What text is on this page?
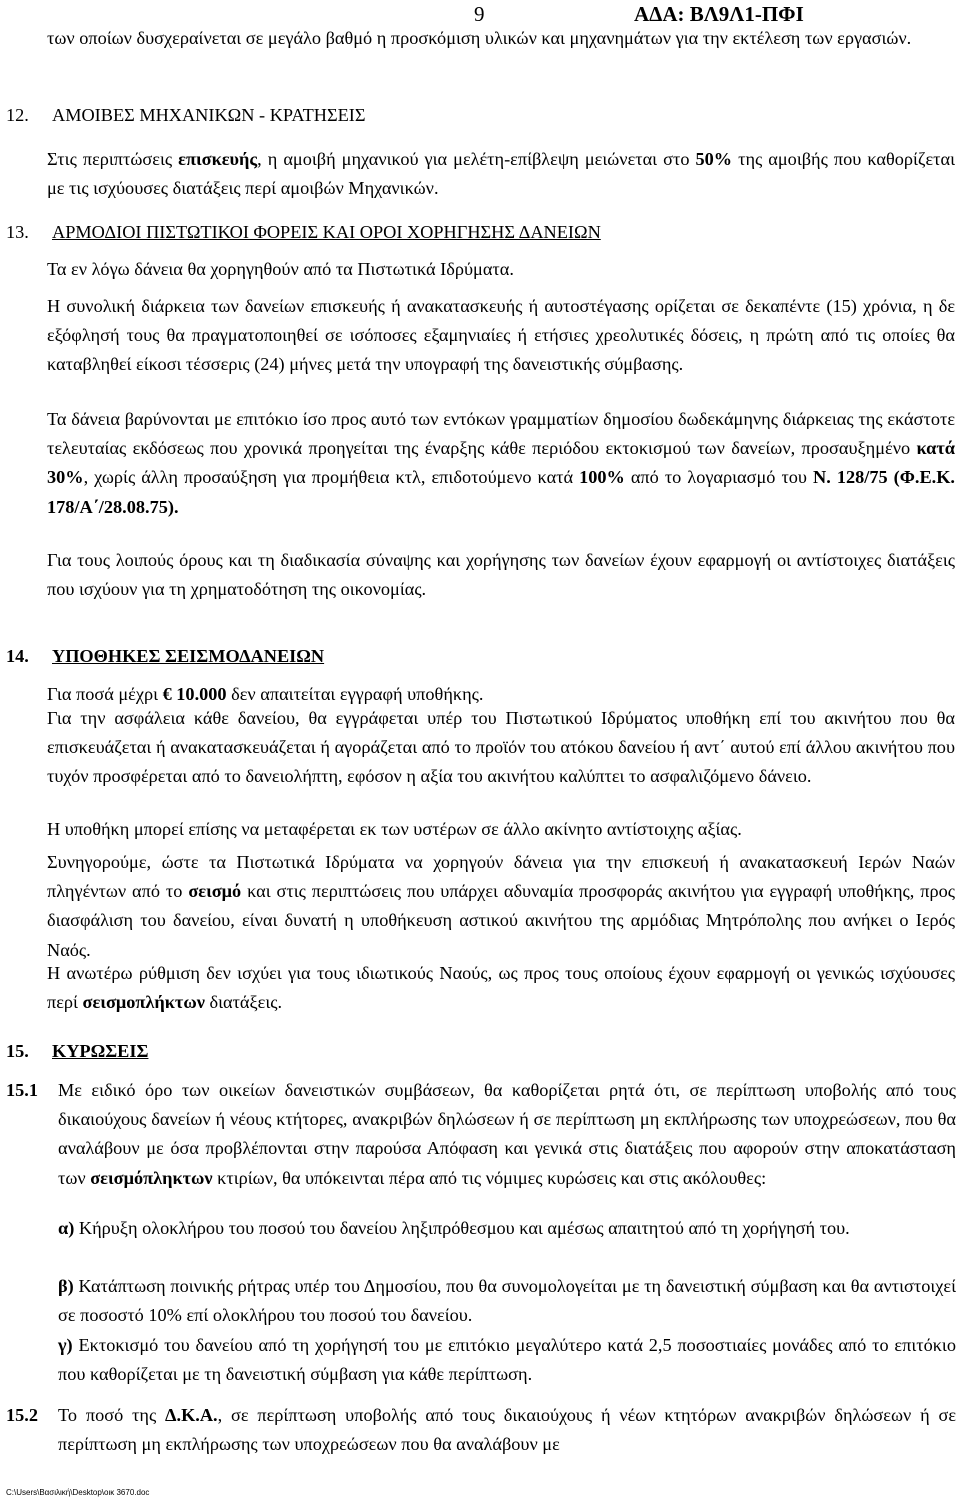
9	ΑΔΑ: ΒΛ9Λ1-ΠΦΙ

των οποίων δυσχεραίνεται σε μεγάλο βαθμό η προσκόμιση υλικών και μηχανημάτων για την εκτέλεση των εργασιών.

12. ΑΜΟΙΒΕΣ ΜΗΧΑΝΙΚΩΝ - ΚΡΑΤΗΣΕΙΣ

Στις περιπτώσεις επισκευής, η αμοιβή μηχανικού για μελέτη-επίβλεψη μειώνεται στο 50% της αμοιβής που καθορίζεται με τις ισχύουσες διατάξεις περί αμοιβών Μηχανικών.

13. ΑΡΜΟΔΙΟΙ ΠΙΣΤΩΤΙΚΟΙ ΦΟΡΕΙΣ ΚΑΙ ΟΡΟΙ ΧΟΡΗΓΗΣΗΣ ΔΑΝΕΙΩΝ

Τα εν λόγω δάνεια θα χορηγηθούν από τα Πιστωτικά Ιδρύματα.

Η συνολική διάρκεια των δανείων επισκευής ή ανακατασκευής ή αυτοστέγασης ορίζεται σε δεκαπέντε (15) χρόνια, η δε εξόφλησή τους θα πραγματοποιηθεί σε ισόποσες εξαμηνιαίες ή ετήσιες χρεολυτικές δόσεις, η πρώτη από τις οποίες θα καταβληθεί είκοσι τέσσερις (24) μήνες μετά την υπογραφή της δανειστικής σύμβασης.

Τα δάνεια βαρύνονται με επιτόκιο ίσο προς αυτό των εντόκων γραμματίων δημοσίου δωδεκάμηνης διάρκειας της εκάστοτε τελευταίας εκδόσεως που χρονικά προηγείται της έναρξης κάθε περιόδου εκτοκισμού των δανείων, προσαυξημένο κατά 30%, χωρίς άλλη προσαύξηση για προμήθεια κτλ, επιδοτούμενο κατά 100% από το λογαριασμό του Ν. 128/75 (Φ.Ε.Κ. 178/Α΄/28.08.75).

Για τους λοιπούς όρους και τη διαδικασία σύναψης και χορήγησης των δανείων έχουν εφαρμογή οι αντίστοιχες διατάξεις που ισχύουν για τη χρηματοδότηση της οικονομίας.

14. ΥΠΟΘΗΚΕΣ ΣΕΙΣΜΟΔΑΝΕΙΩΝ

Για ποσά μέχρι € 10.000 δεν απαιτείται εγγραφή υποθήκης.

Για την ασφάλεια κάθε δανείου, θα εγγράφεται υπέρ του Πιστωτικού Ιδρύματος υποθήκη επί του ακινήτου που θα επισκευάζεται ή ανακατασκευάζεται ή αγοράζεται από το προϊόν του ατόκου δανείου ή αντ΄ αυτού επί άλλου ακινήτου που τυχόν προσφέρεται από το δανειολήπτη, εφόσον η αξία του ακινήτου καλύπτει το ασφαλιζόμενο δάνειο.

Η υποθήκη μπορεί επίσης να μεταφέρεται εκ των υστέρων σε άλλο ακίνητο αντίστοιχης αξίας.

Συνηγορούμε, ώστε τα Πιστωτικά Ιδρύματα να χορηγούν δάνεια για την επισκευή ή ανακατασκευή Ιερών Ναών πληγέντων από το σεισμό και στις περιπτώσεις που υπάρχει αδυναμία προσφοράς ακινήτου για εγγραφή υποθήκης, προς διασφάλιση του δανείου, είναι δυνατή η υποθήκευση αστικού ακινήτου της αρμόδιας Μητρόπολης που ανήκει ο Ιερός Ναός.

Η ανωτέρω ρύθμιση δεν ισχύει για τους ιδιωτικούς Ναούς, ως προς τους οποίους έχουν εφαρμογή οι γενικώς ισχύουσες περί σεισμοπλήκτων διατάξεις.

15. ΚΥΡΩΣΕΙΣ
15.1 Με ειδικό όρο των οικείων δανειστικών συμβάσεων, θα καθορίζεται ρητά ότι, σε περίπτωση υποβολής από τους δικαιούχους δανείων ή νέους κτήτορες, ανακριβών δηλώσεων ή σε περίπτωση μη εκπλήρωσης των υποχρεώσεων, που θα αναλάβουν με όσα προβλέπονται στην παρούσα Απόφαση και γενικά στις διατάξεις που αφορούν στην αποκατάσταση των σεισμόπληκτων κτιρίων, θα υπόκεινται πέρα από τις νόμιμες κυρώσεις και στις ακόλουθες:

α) Κήρυξη ολοκλήρου του ποσού του δανείου ληξιπρόθεσμου και αμέσως απαιτητού από τη χορήγησή του.

β) Κατάπτωση ποινικής ρήτρας υπέρ του Δημοσίου, που θα συνομολογείται με τη δανειστική σύμβαση και θα αντιστοιχεί σε ποσοστό 10% επί ολοκλήρου του ποσού του δανείου.

γ) Εκτοκισμό του δανείου από τη χορήγησή του με επιτόκιο μεγαλύτερο κατά 2,5 ποσοστιαίες μονάδες από το επιτόκιο που καθορίζεται με τη δανειστική σύμβαση για κάθε περίπτωση.

15.2 Το ποσό της Δ.Κ.Α., σε περίπτωση υποβολής από τους δικαιούχους ή νέων κτητόρων ανακριβών δηλώσεων ή σε περίπτωση μη εκπλήρωσης των υποχρεώσεων που θα αναλάβουν με

C:\Users\Βασιλική\Desktop\οικ 3670.doc
